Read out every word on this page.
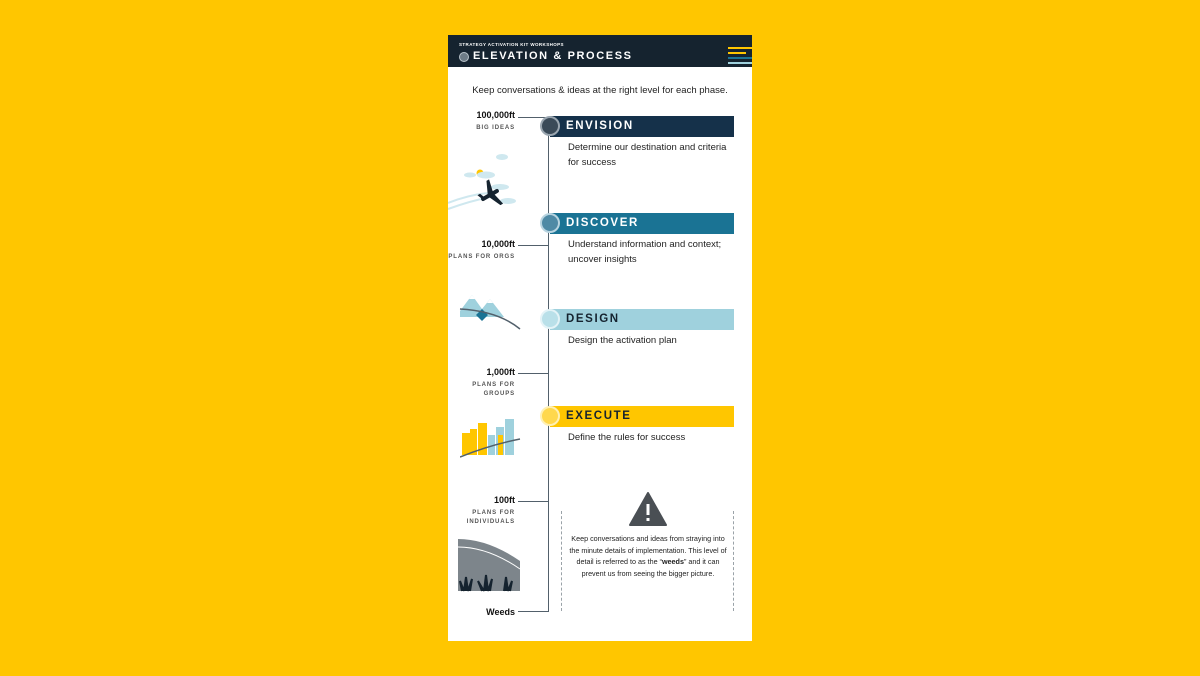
STRATEGY ACTIVATION KIT WORKSHOPS
ELEVATION & PROCESS
Keep conversations & ideas at the right level for each phase.
100,000ft
BIG IDEAS
10,000ft
PLANS FOR ORGS
1,000ft
PLANS FOR GROUPS
100ft
PLANS FOR INDIVIDUALS
Weeds
ENVISION
Determine our destination and criteria for success
DISCOVER
Understand information and context; uncover insights
DESIGN
Design the activation plan
EXECUTE
Define the rules for success
Keep conversations and ideas from straying into the minute details of implementation. This level of detail is referred to as the “weeds” and it can prevent us from seeing the bigger picture.
